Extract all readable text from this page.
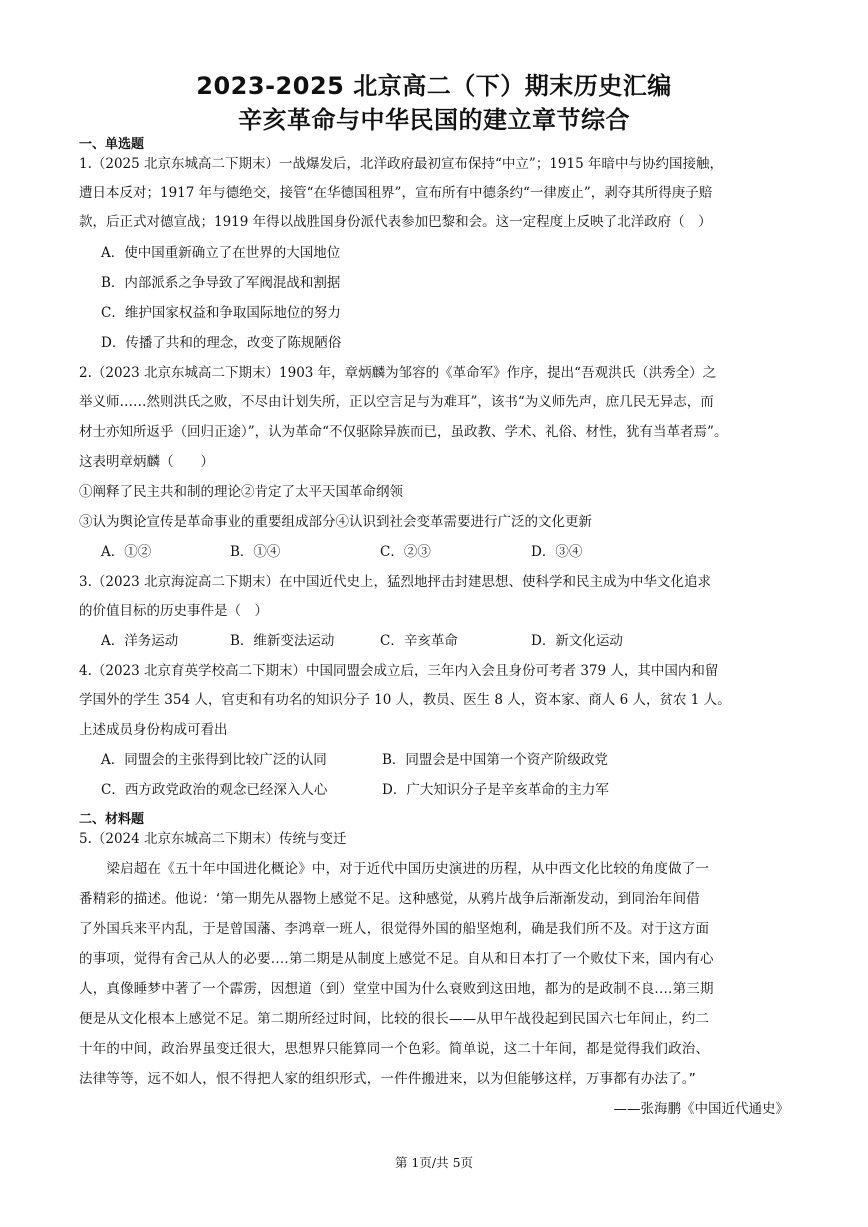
2023-2025 北京高二（下）期末历史汇编
辛亥革命与中华民国的建立章节综合
一、单选题
1.（2025 北京东城高二下期末）一战爆发后，北洋政府最初宣布保持“中立”；1915 年暗中与协约国接触，
遭日本反对；1917 年与德绝交，接管“在华德国租界”，宣布所有中德条约“一律废止”，剥夺其所得庚子赔
款，后正式对德宣战；1919 年得以战胜国身份派代表参加巴黎和会。这一定程度上反映了北洋政府（　）
A．使中国重新确立了在世界的大国地位
B．内部派系之争导致了军阀混战和割据
C．维护国家权益和争取国际地位的努力
D．传播了共和的理念，改变了陈规陋俗
2.（2023 北京东城高二下期末）1903 年，章炳麟为邹容的《革命军》作序，提出“吾观洪氏（洪秀全）之
举义师……然则洪氏之败，不尽由计划失所，正以空言足与为难耳”，该书“为义师先声，庶几民无异志，而
材士亦知所返乎（回归正途）”，认为革命“不仅驱除异族而已，虽政教、学术、礼俗、材性，犹有当革者焉”。
这表明章炳麟（　　）
①阐释了民主共和制的理论②肯定了太平天国革命纲领
③认为舆论宣传是革命事业的重要组成部分④认识到社会变革需要进行广泛的文化更新
A．①②	B．①④	C．②③	D．③④
3.（2023 北京海淀高二下期末）在中国近代史上，猛烈地抨击封建思想、使科学和民主成为中华文化追求
的价值目标的历史事件是（　）
A．洋务运动	B．维新变法运动	C．辛亥革命	D．新文化运动
4.（2023 北京育英学校高二下期末）中国同盟会成立后，三年内入会且身份可考者 379 人，其中国内和留
学国外的学生 354 人，官吏和有功名的知识分子 10 人，教员、医生 8 人，资本家、商人 6 人，贫农 1 人。
上述成员身份构成可看出
A．同盟会的主张得到比较广泛的认同	B．同盟会是中国第一个资产阶级政党
C．西方政党政治的观念已经深入人心	D．广大知识分子是辛亥革命的主力军
二、材料题
5.（2024 北京东城高二下期末）传统与变迁
　　梁启超在《五十年中国进化概论》中，对于近代中国历史演进的历程，从中西文化比较的角度做了一
番精彩的描述。他说：‘第一期先从器物上感觉不足。这种感觉，从鸦片战争后渐渐发动，到同治年间借
了外国兵来平内乱，于是曾国藩、李鸿章一班人，很觉得外国的船坚炮利，确是我们所不及。对于这方面
的事项，觉得有舍己从人的必要.…第二期是从制度上感觉不足。自从和日本打了一个败仗下来，国内有心
人，真像睡梦中著了一个霹雳，因想道（到）堂堂中国为什么衰败到这田地，都为的是政制不良.…第三期
便是从文化根本上感觉不足。第二期所经过时间，比较的很长——从甲午战役起到民国六七年间止，约二
十年的中间，政治界虽变迁很大，思想界只能算同一个色彩。简单说，这二十年间，都是觉得我们政治、
法律等等，远不如人，恨不得把人家的组织形式，一件件搬进来，以为但能够这样，万事都有办法了。”
——张海鹏《中国近代通史》
第 1页/共 5页
